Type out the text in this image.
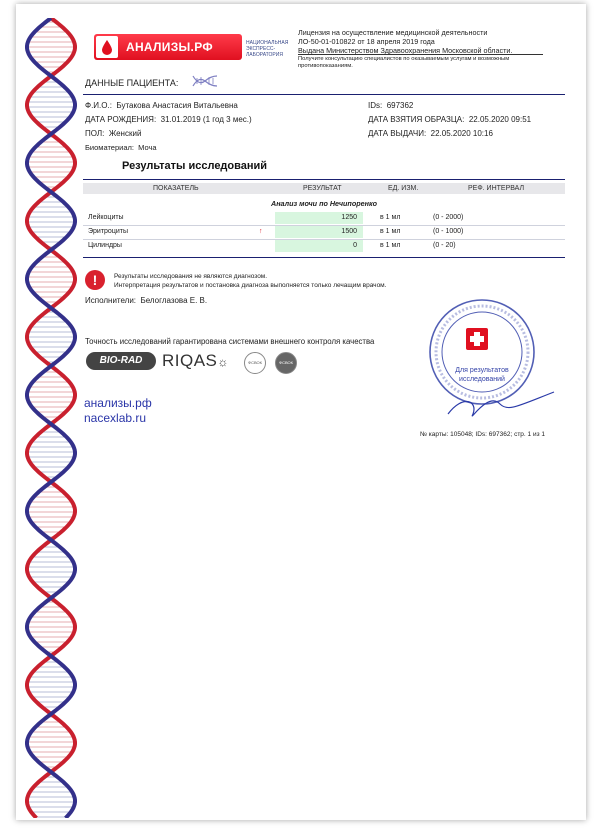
АНАЛИЗЫ.РФ	НАЦИОНАЛЬНАЯ
ЭКСПРЕСС-
ЛАБОРАТОРИЯ
Лицензия на осуществление медицинской деятельности
ЛО-50-01-010822 от 18 апреля 2019 года
Выдана Министерством Здравоохранения Московской области.
Получите консультацию специалистов по оказываемым услугам и возможным
противопоказаниям.
ДАННЫЕ ПАЦИЕНТА:
Ф.И.О.: Бутакова Анастасия Витальевна
ДАТА РОЖДЕНИЯ: 31.01.2019 (1 год 3 мес.)
ПОЛ: Женский
Биоматериал: Моча
IDs: 697362
ДАТА ВЗЯТИЯ ОБРАЗЦА: 22.05.2020 09:51
ДАТА ВЫДАЧИ: 22.05.2020 10:16
Результаты исследований
ПОКАЗАТЕЛЬ	РЕЗУЛЬТАТ	ЕД. ИЗМ.	РЕФ. ИНТЕРВАЛ
Анализ мочи по Нечипоренко
Лейкоциты	1250	в 1 мл	(0 - 2000)
Эритроциты	↑	1500	в 1 мл	(0 - 1000)
Цилиндры	0	в 1 мл	(0 - 20)
!	Результаты исследования не являются диагнозом.
Интерпретация результатов и постановка диагноза выполняется только лечащим врачом.
Исполнители: Белоглазова Е. В.
Точность исследований гарантирована системами внешнего контроля качества
BIO-RAD	RIQAS☼	ФСВОК	ФСВОК
анализы.рф
nacexlab.ru
Для результатов
исследований
№ карты: 105048; IDs: 697362; стр. 1 из 1
